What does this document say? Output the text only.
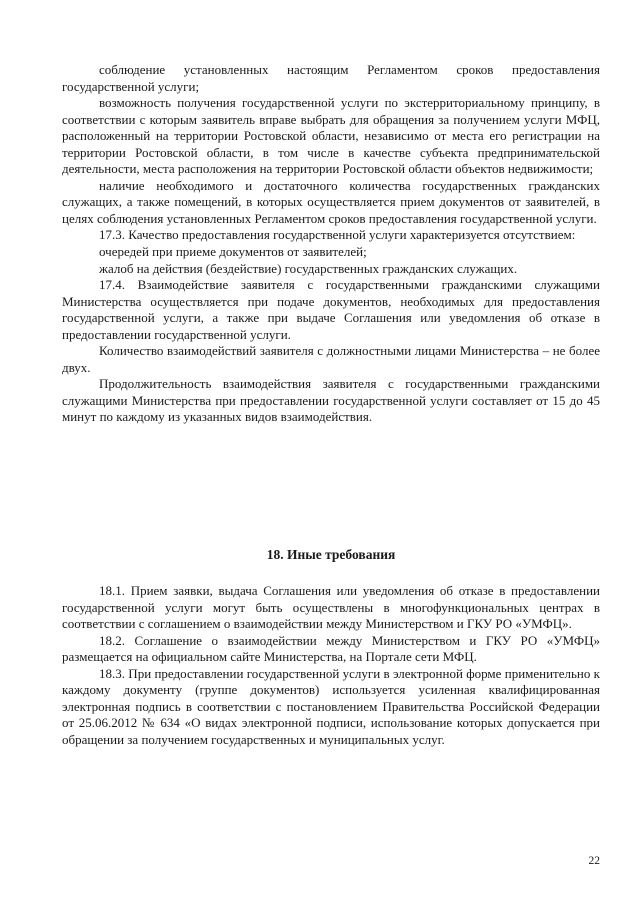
соблюдение установленных настоящим Регламентом сроков предоставления государственной услуги;

возможность получения государственной услуги по экстерриториальному принципу, в соответствии с которым заявитель вправе выбрать для обращения за получением услуги МФЦ, расположенный на территории Ростовской области, независимо от места его регистрации на территории Ростовской области, в том числе в качестве субъекта предпринимательской деятельности, места расположения на территории Ростовской области объектов недвижимости;

наличие необходимого и достаточного количества государственных гражданских служащих, а также помещений, в которых осуществляется прием документов от заявителей, в целях соблюдения установленных Регламентом сроков предоставления государственной услуги.

17.3. Качество предоставления государственной услуги характеризуется отсутствием:

очередей при приеме документов от заявителей;

жалоб на действия (бездействие) государственных гражданских служащих.

17.4. Взаимодействие заявителя с государственными гражданскими служащими Министерства осуществляется при подаче документов, необходимых для предоставления государственной услуги, а также при выдаче Соглашения или уведомления об отказе в предоставлении государственной услуги.

Количество взаимодействий заявителя с должностными лицами Министерства – не более двух.

Продолжительность взаимодействия заявителя с государственными гражданскими служащими Министерства при предоставлении государственной услуги составляет от 15 до 45 минут по каждому из указанных видов взаимодействия.

18. Иные требования

18.1. Прием заявки, выдача Соглашения или уведомления об отказе в предоставлении государственной услуги могут быть осуществлены в многофункциональных центрах в соответствии с соглашением о взаимодействии между Министерством и ГКУ РО «УМФЦ».

18.2. Соглашение о взаимодействии между Министерством и ГКУ РО «УМФЦ» размещается на официальном сайте Министерства, на Портале сети МФЦ.

18.3. При предоставлении государственной услуги в электронной форме применительно к каждому документу (группе документов) используется усиленная квалифицированная электронная подпись в соответствии с постановлением Правительства Российской Федерации от 25.06.2012 № 634 «О видах электронной подписи, использование которых допускается при обращении за получением государственных и муниципальных услуг.

22
